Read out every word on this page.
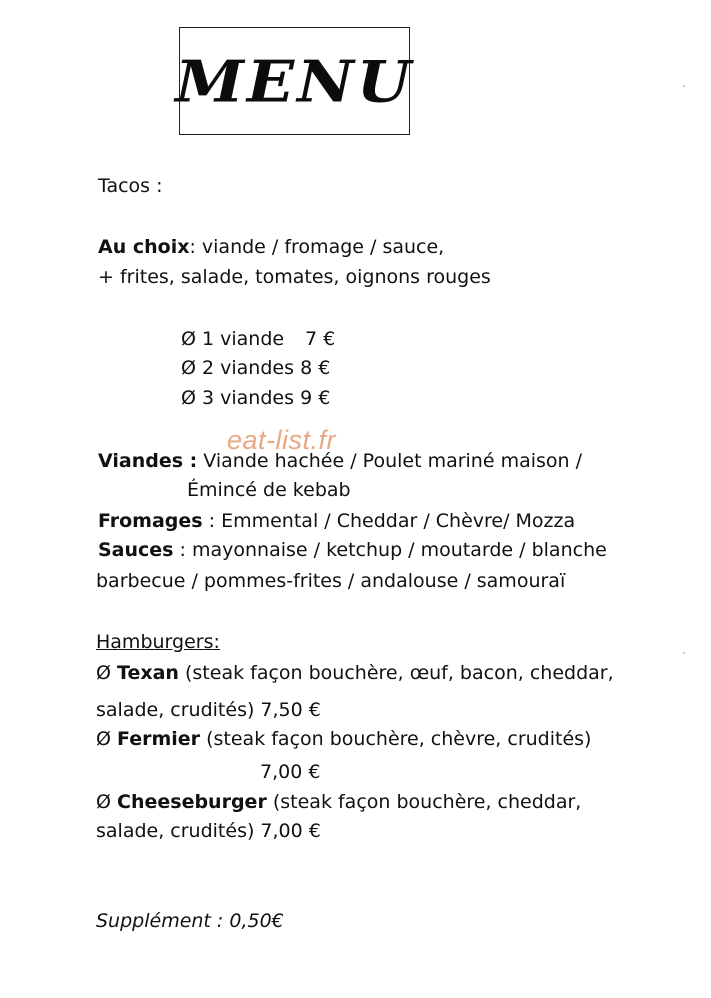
MENU
Tacos :
Au choix: viande / fromage / sauce,
+ frites, salade, tomates, oignons rouges
Ø 1 viande 7 €
Ø 2 viandes 8 €
Ø 3 viandes 9 €
eat-list.fr
Viandes : Viande hachée / Poulet mariné maison /
Émincé de kebab
Fromages : Emmental / Cheddar / Chèvre/ Mozza
Sauces : mayonnaise / ketchup / moutarde / blanche
barbecue / pommes-frites / andalouse / samouraï
Hamburgers:
Ø Texan (steak façon bouchère, œuf, bacon, cheddar,
salade, crudités) 7,50 €
Ø Fermier (steak façon bouchère, chèvre, crudités)
7,00 €
Ø Cheeseburger (steak façon bouchère, cheddar,
salade, crudités) 7,00 €
Supplément : 0,50€
